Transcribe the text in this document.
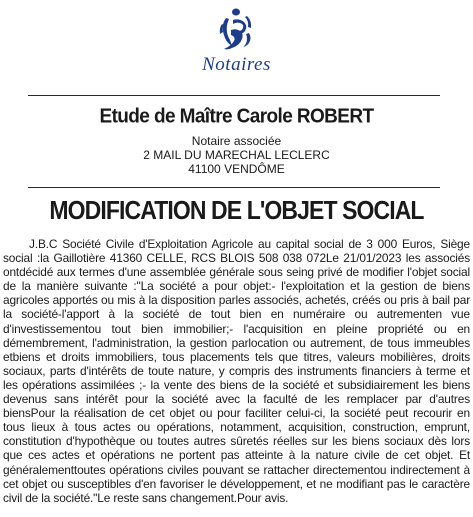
Notaires
Etude de Maître Carole ROBERT
Notaire associée
2 MAIL DU MARECHAL LECLERC
41100 VENDÔME
MODIFICATION DE L'OBJET SOCIAL
J.B.C Société Civile d'Exploitation Agricole au capital social de 3 000 Euros, Siège social :la Gaillotière 41360 CELLE, RCS BLOIS 508 038 072Le 21/01/2023 les associés ontdécidé aux termes d'une assemblée générale sous seing privé de modifier l'objet social de la manière suivante :"La société a pour objet:- l'exploitation et la gestion de biens agricoles apportés ou mis à la disposition parles associés, achetés, créés ou pris à bail par la société-l'apport à la société de tout bien en numéraire ou autrementen vue d'investissementou tout bien immobilier;- l'acquisition en pleine propriété ou en démembrement, l'administration, la gestion parlocation ou autrement, de tous immeubles etbiens et droits immobiliers, tous placements tels que titres, valeurs mobilières, droits sociaux, parts d'intérêts de toute nature, y compris des instruments financiers à terme et les opérations assimilées ;- la vente des biens de la société et subsidiairement les biens devenus sans intérêt pour la société avec la faculté de les remplacer par d'autres biensPour la réalisation de cet objet ou pour faciliter celui-ci, la société peut recourir en tous lieux à tous actes ou opérations, notamment, acquisition, construction, emprunt, constitution d'hypothèque ou toutes autres sûretés réelles sur les biens sociaux dès lors que ces actes et opérations ne portent pas atteinte à la nature civile de cet objet. Et généralementtoutes opérations civiles pouvant se rattacher directementou indirectement à cet objet ou susceptibles d'en favoriser le développement, et ne modifiant pas le caractère civil de la société."Le reste sans changement.Pour avis.
